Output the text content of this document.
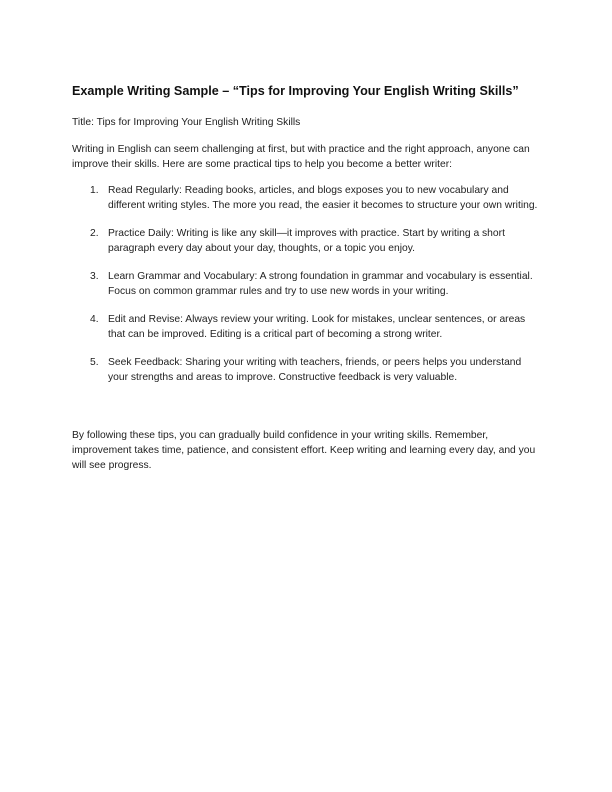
Example Writing Sample – “Tips for Improving Your English Writing Skills”

Title: Tips for Improving Your English Writing Skills

Writing in English can seem challenging at first, but with practice and the right approach, anyone can improve their skills. Here are some practical tips to help you become a better writer:

1. Read Regularly: Reading books, articles, and blogs exposes you to new vocabulary and different writing styles. The more you read, the easier it becomes to structure your own writing.
2. Practice Daily: Writing is like any skill—it improves with practice. Start by writing a short paragraph every day about your day, thoughts, or a topic you enjoy.
3. Learn Grammar and Vocabulary: A strong foundation in grammar and vocabulary is essential. Focus on common grammar rules and try to use new words in your writing.
4. Edit and Revise: Always review your writing. Look for mistakes, unclear sentences, or areas that can be improved. Editing is a critical part of becoming a strong writer.
5. Seek Feedback: Sharing your writing with teachers, friends, or peers helps you understand your strengths and areas to improve. Constructive feedback is very valuable.

By following these tips, you can gradually build confidence in your writing skills. Remember, improvement takes time, patience, and consistent effort. Keep writing and learning every day, and you will see progress.
